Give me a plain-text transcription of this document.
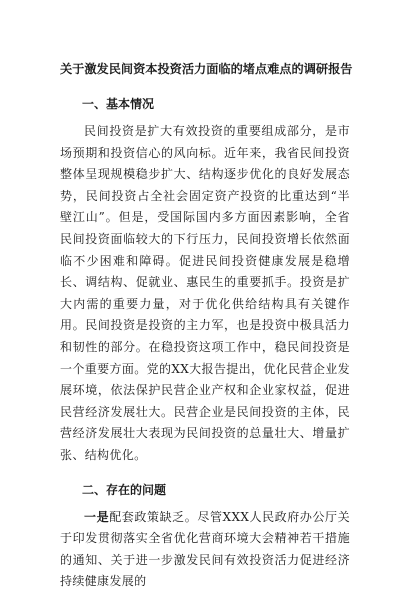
关于激发民间资本投资活力面临的堵点难点的调研报告
一、基本情况

民间投资是扩大有效投资的重要组成部分，是市场预期和投资信心的风向标。近年来，我省民间投资整体呈现规模稳步扩大、结构逐步优化的良好发展态势，民间投资占全社会固定资产投资的比重达到“半壁江山”。但是，受国际国内多方面因素影响，全省民间投资面临较大的下行压力，民间投资增长依然面临不少困难和障碍。促进民间投资健康发展是稳增长、调结构、促就业、惠民生的重要抓手。投资是扩大内需的重要力量，对于优化供给结构具有关键作用。民间投资是投资的主力军，也是投资中极具活力和韧性的部分。在稳投资这项工作中，稳民间投资是一个重要方面。党的XX大报告提出，优化民营企业发展环境，依法保护民营企业产权和企业家权益，促进民营经济发展壮大。民营企业是民间投资的主体，民营经济发展壮大表现为民间投资的总量壮大、增量扩张、结构优化。

二、存在的问题

一是配套政策缺乏。尽管XXX人民政府办公厅关于印发贯彻落实全省优化营商环境大会精神若干措施的通知、关于进一步激发民间有效投资活力促进经济持续健康发展的
